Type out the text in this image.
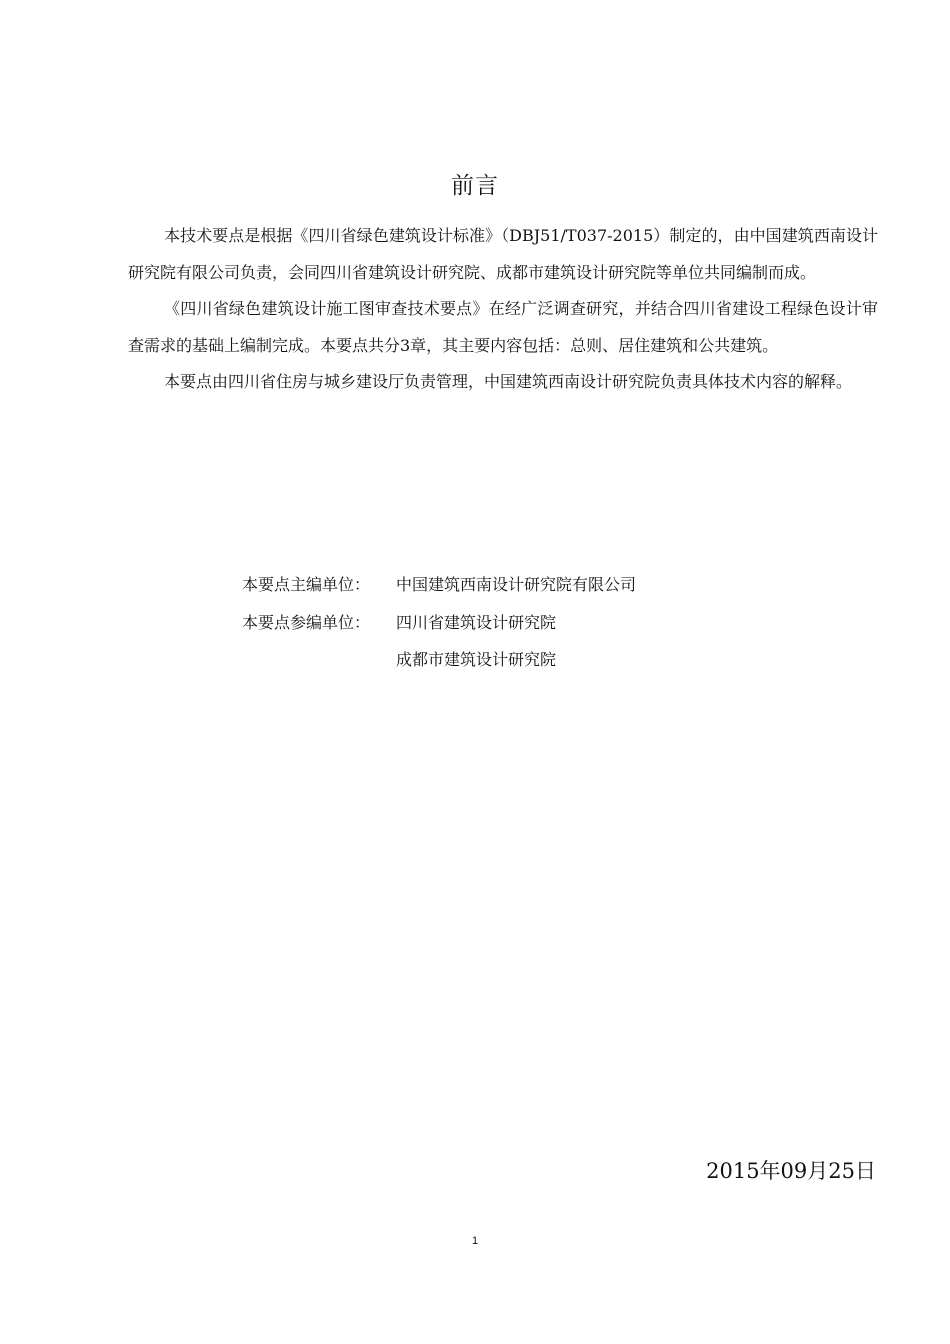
前言

本技术要点是根据《四川省绿色建筑设计标准》（DBJ51/T037-2015）制定的，由中国建筑西南设计研究院有限公司负责，会同四川省建筑设计研究院、成都市建筑设计研究院等单位共同编制而成。

《四川省绿色建筑设计施工图审查技术要点》在经广泛调查研究，并结合四川省建设工程绿色设计审查需求的基础上编制完成。本要点共分3章，其主要内容包括：总则、居住建筑和公共建筑。

本要点由四川省住房与城乡建设厅负责管理，中国建筑西南设计研究院负责具体技术内容的解释。

本要点主编单位：	中国建筑西南设计研究院有限公司
本要点参编单位：	四川省建筑设计研究院
成都市建筑设计研究院
2015年09月25日
1
